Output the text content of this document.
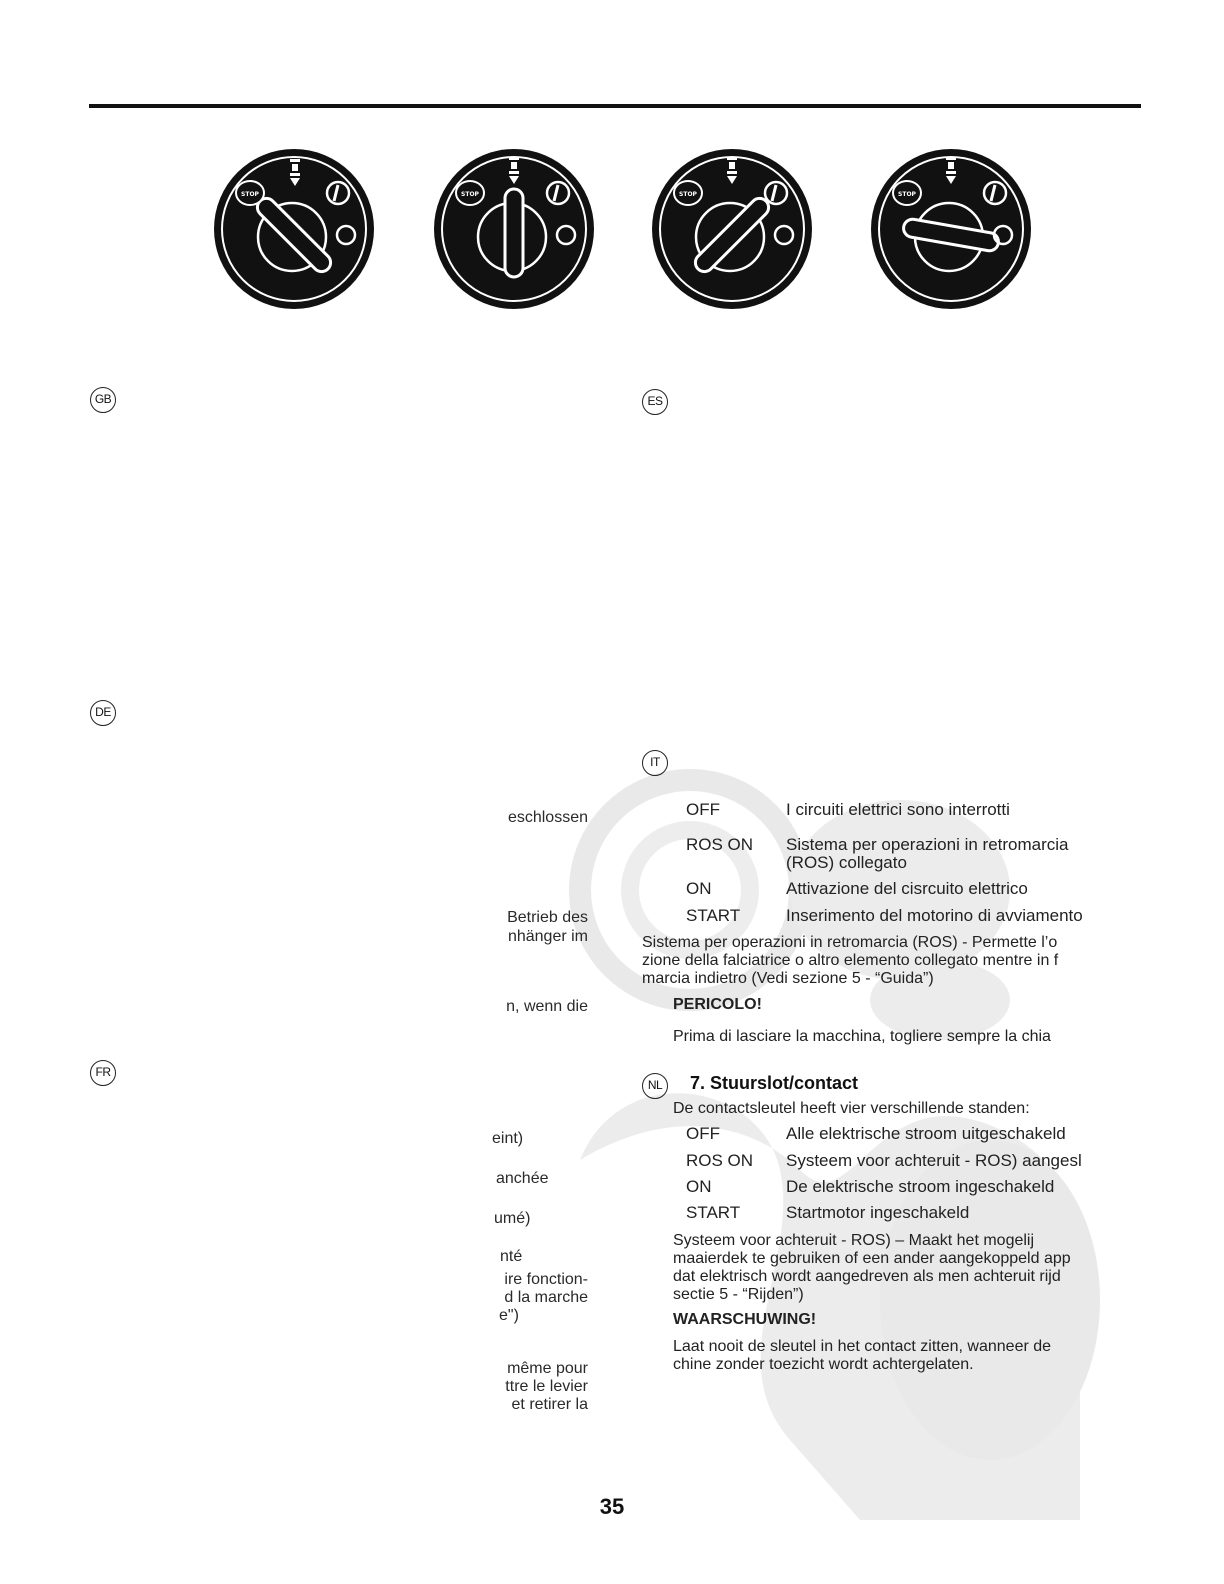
STOP	STOP	STOP	STOP
GB	ES
DE
IT
FR
NL
eschlossen
Betrieb des
nhänger im
n, wenn die
eint)
anchée
umé)
nté
ire fonction-
d la marche
e")
même pour
ttre le levier
et retirer la
OFF	I circuiti elettrici sono interrotti
ROS ON Sistema per operazioni in retromarcia
(ROS) collegato
ON	Attivazione del cisrcuito elettrico
START	Inserimento del motorino di avviamento
Sistema per operazioni in retromarcia (ROS) - Permette l’o
zione della falciatrice o altro elemento collegato mentre in f
marcia indietro (Vedi sezione 5 - “Guida”)
PERICOLO!
Prima di lasciare la macchina, togliere sempre la chia
7. Stuurslot/contact
De contactsleutel heeft vier verschillende standen:
OFF	Alle elektrische stroom uitgeschakeld
ROS ON Systeem voor achteruit - ROS) aangesl
ON	De elektrische stroom ingeschakeld
START	Startmotor ingeschakeld
Systeem voor achteruit - ROS) – Maakt het mogelij
maaierdek te gebruiken of een ander aangekoppeld app
dat elektrisch wordt aangedreven als men achteruit rijd
sectie 5 - “Rijden”)
WAARSCHUWING!
Laat nooit de sleutel in het contact zitten, wanneer de
chine zonder toezicht wordt achtergelaten.
35
